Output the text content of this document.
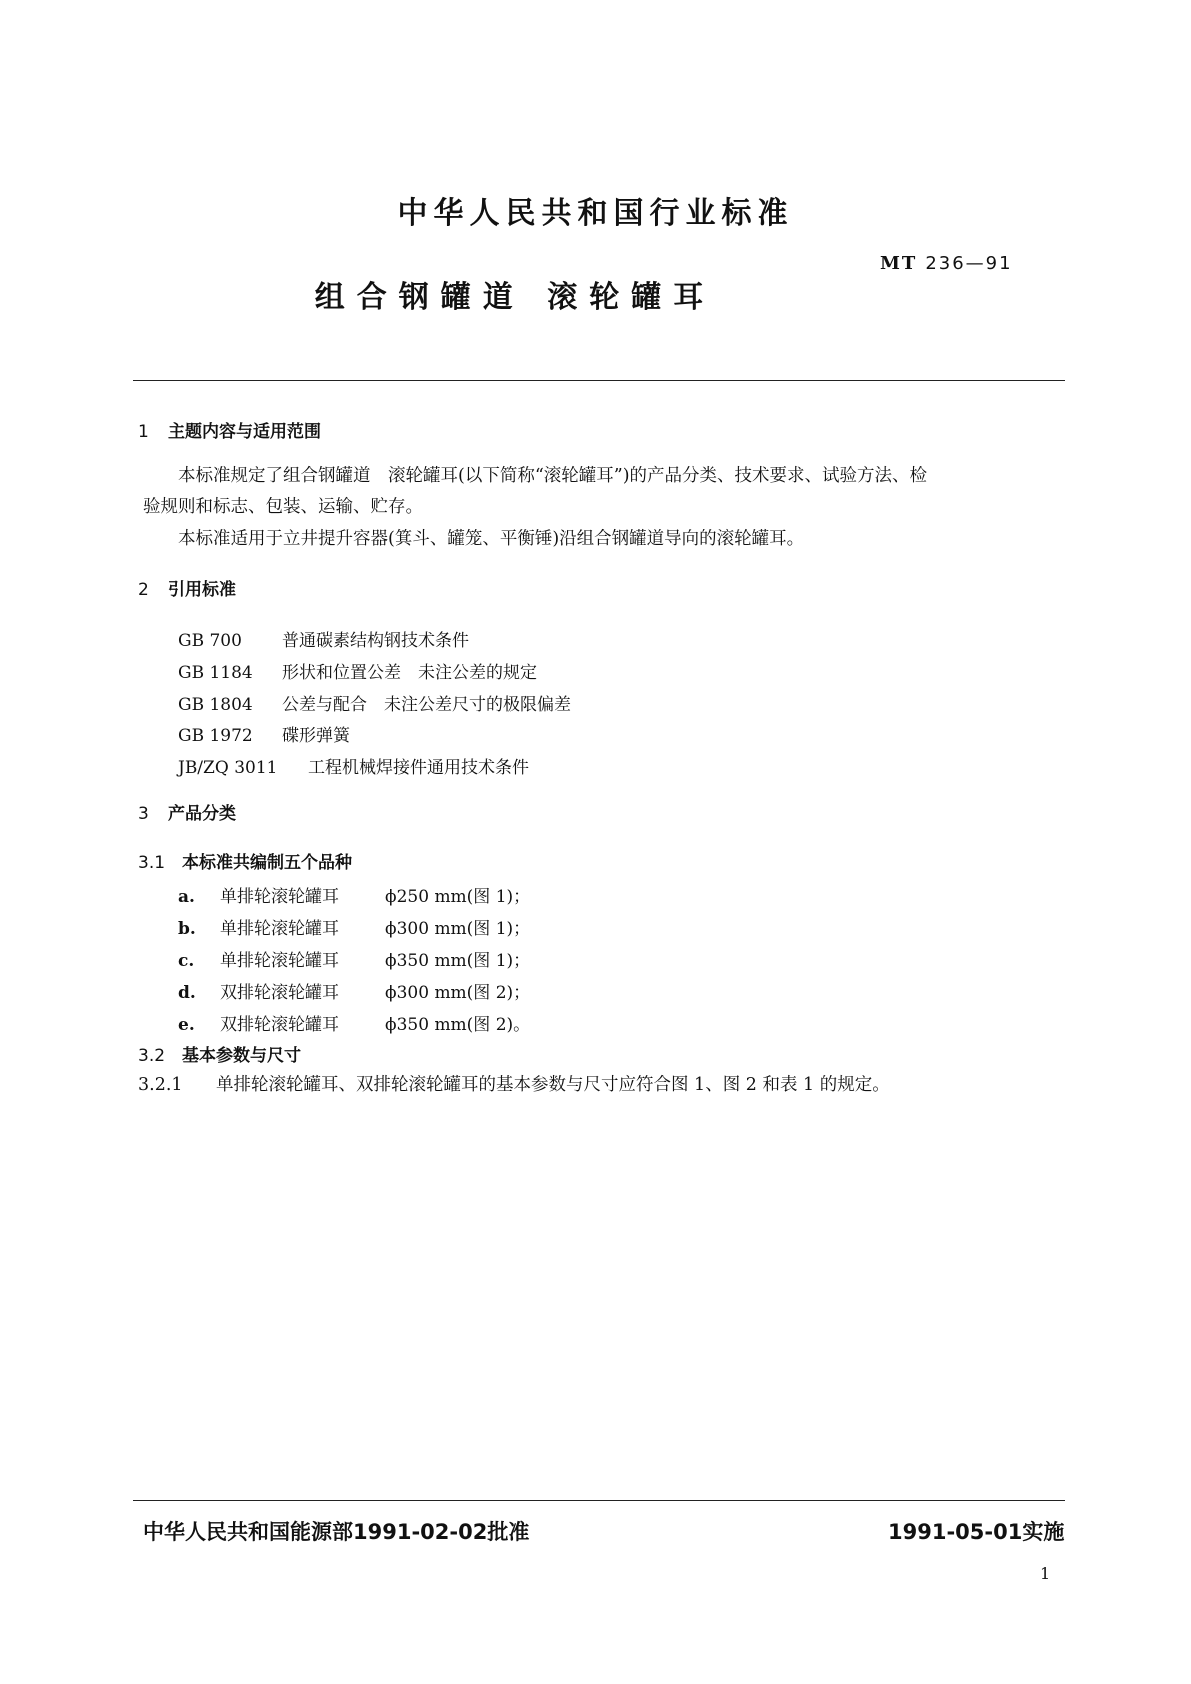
中华人民共和国行业标准
MT 236—91
组合钢罐道 滚轮罐耳
1 主题内容与适用范围
本标准规定了组合钢罐道　滚轮罐耳(以下简称“滚轮罐耳”)的产品分类、技术要求、试验方法、检
验规则和标志、包装、运输、贮存。
本标准适用于立井提升容器(箕斗、罐笼、平衡锤)沿组合钢罐道导向的滚轮罐耳。
2 引用标准
GB 700 普通碳素结构钢技术条件
GB 1184 形状和位置公差　未注公差的规定
GB 1804 公差与配合　未注公差尺寸的极限偏差
GB 1972 碟形弹簧
JB/ZQ 3011 工程机械焊接件通用技术条件
3 产品分类
3.1 本标准共编制五个品种
a. 单排轮滚轮罐耳	ϕ250 mm(图 1)；
b. 单排轮滚轮罐耳	ϕ300 mm(图 1)；
c. 单排轮滚轮罐耳	ϕ350 mm(图 1)；
d. 双排轮滚轮罐耳	ϕ300 mm(图 2)；
e. 双排轮滚轮罐耳	ϕ350 mm(图 2)。
3.2 基本参数与尺寸
3.2.1 单排轮滚轮罐耳、双排轮滚轮罐耳的基本参数与尺寸应符合图 1、图 2 和表 1 的规定。
中华人民共和国能源部1991-02-02批准	1991-05-01实施
1
